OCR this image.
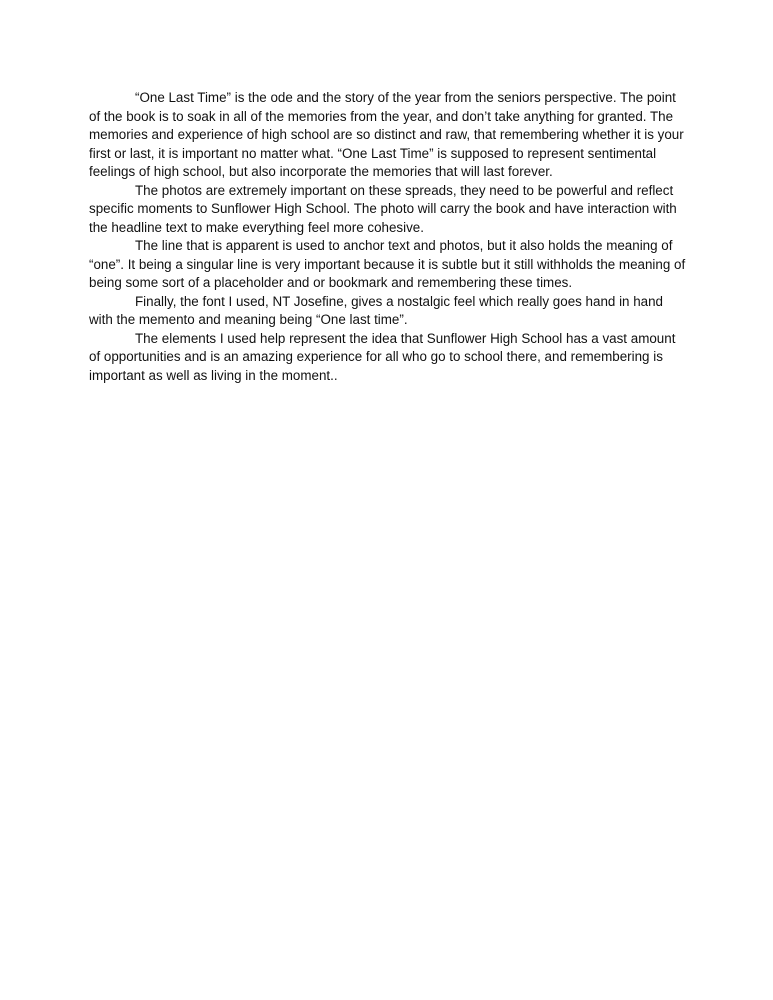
“One Last Time” is the ode and the story of the year from the seniors perspective. The point of the book is to soak in all of the memories from the year, and don’t take anything for granted. The memories and experience of high school are so distinct and raw, that remembering whether it is your first or last, it is important no matter what. “One Last Time” is supposed to represent sentimental feelings of high school, but also incorporate the memories that will last forever.

The photos are extremely important on these spreads, they need to be powerful and reflect specific moments to Sunflower High School. The photo will carry the book and have interaction with the headline text to make everything feel more cohesive.

The line that is apparent is used to anchor text and photos, but it also holds the meaning of “one”. It being a singular line is very important because it is subtle but it still withholds the meaning of being some sort of a placeholder and or bookmark and remembering these times.

Finally, the font I used, NT Josefine, gives a nostalgic feel which really goes hand in hand with the memento and meaning being “One last time”.

The elements I used help represent the idea that Sunflower High School has a vast amount of opportunities and is an amazing experience for all who go to school there, and remembering is important as well as living in the moment..
